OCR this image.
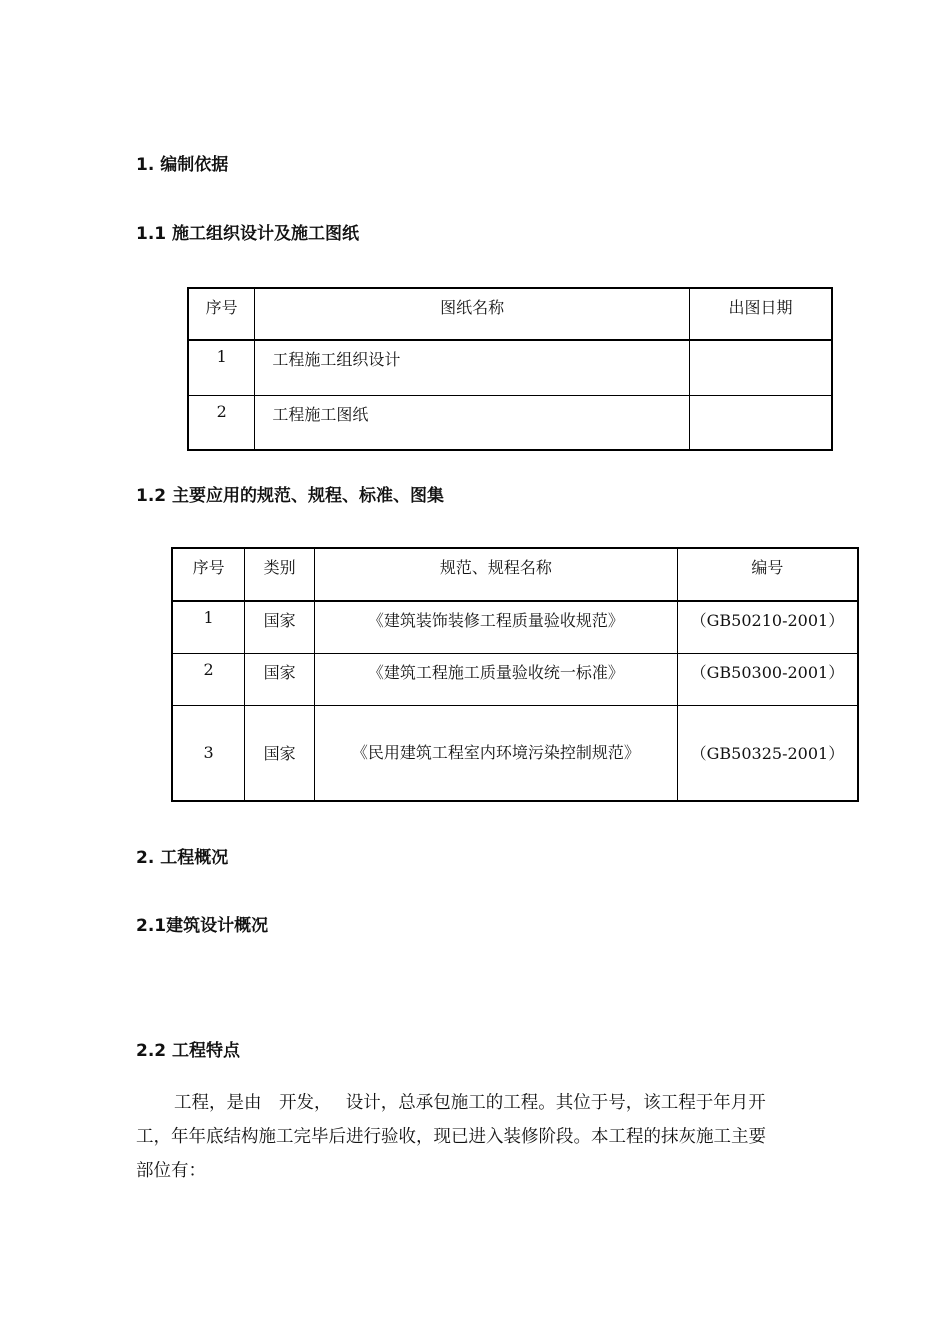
1. 编制依据
1.1 施工组织设计及施工图纸
序号	图纸名称	出图日期
1	工程施工组织设计	
2	工程施工图纸	
1.2 主要应用的规范、规程、标准、图集
序号	类别	规范、规程名称	编号
1	国家	《建筑装饰装修工程质量验收规范》	（GB50210-2001）
2	国家	《建筑工程施工质量验收统一标准》	（GB50300-2001）
3	国家	《民用建筑工程室内环境污染控制规范》	（GB50325-2001）
2. 工程概况
2.1建筑设计概况
2.2 工程特点

工程，是由　开发，　 设计，总承包施工的工程。其位于号，该工程于年月开

工，年年底结构施工完毕后进行验收，现已进入装修阶段。本工程的抹灰施工主要

部位有：
